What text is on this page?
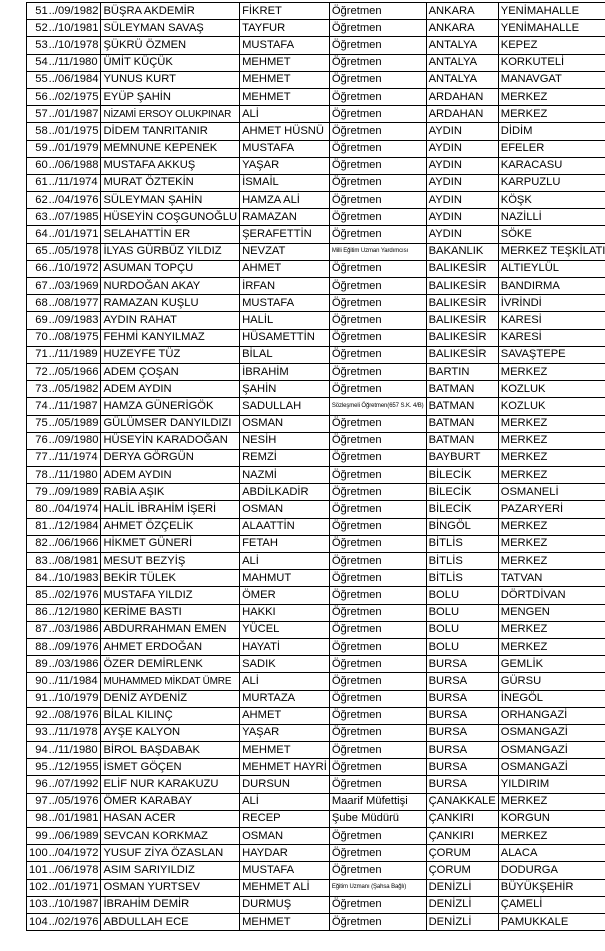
51	../09/1982	BÜŞRA AKDEMİR	FİKRET	Öğretmen	ANKARA	YENİMAHALLE
52	../10/1981	SÜLEYMAN SAVAŞ	TAYFUR	Öğretmen	ANKARA	YENİMAHALLE
53	../10/1978	ŞÜKRÜ ÖZMEN	MUSTAFA	Öğretmen	ANTALYA	KEPEZ
54	../11/1980	ÜMİT KÜÇÜK	MEHMET	Öğretmen	ANTALYA	KORKUTELİ
55	../06/1984	YUNUS KURT	MEHMET	Öğretmen	ANTALYA	MANAVGAT
56	../02/1975	EYÜP ŞAHİN	MEHMET	Öğretmen	ARDAHAN	MERKEZ
57	../01/1987	NİZAMİ ERSOY OLUKPINAR	ALİ	Öğretmen	ARDAHAN	MERKEZ
58	../01/1975	DİDEM TANRITANIR	AHMET HÜSNÜ	Öğretmen	AYDIN	DİDİM
59	../01/1979	MEMNUNE KEPENEK	MUSTAFA	Öğretmen	AYDIN	EFELER
60	../06/1988	MUSTAFA AKKUŞ	YAŞAR	Öğretmen	AYDIN	KARACASU
61	../11/1974	MURAT ÖZTEKİN	İSMAİL	Öğretmen	AYDIN	KARPUZLU
62	../04/1976	SÜLEYMAN ŞAHİN	HAMZA ALİ	Öğretmen	AYDIN	KÖŞK
63	../07/1985	HÜSEYİN COŞGUNOĞLU	RAMAZAN	Öğretmen	AYDIN	NAZİLLİ
64	../01/1971	SELAHATTİN ER	ŞERAFETTİN	Öğretmen	AYDIN	SÖKE
65	../05/1978	İLYAS GÜRBÜZ YILDIZ	NEVZAT	Milli Eğitim Uzman Yardımcısı	BAKANLIK	MERKEZ TEŞKİLATI
66	../10/1972	ASUMAN TOPÇU	AHMET	Öğretmen	BALIKESİR	ALTIEYLÜL
67	../03/1969	NURDOĞAN AKAY	İRFAN	Öğretmen	BALIKESİR	BANDIRMA
68	../08/1977	RAMAZAN KUŞLU	MUSTAFA	Öğretmen	BALIKESİR	İVRİNDİ
69	../09/1983	AYDIN RAHAT	HALİL	Öğretmen	BALIKESİR	KARESİ
70	../08/1975	FEHMİ KANYILMAZ	HÜSAMETTİN	Öğretmen	BALIKESİR	KARESİ
71	../11/1989	HUZEYFE TÜZ	BİLAL	Öğretmen	BALIKESİR	SAVAŞTEPE
72	../05/1966	ADEM ÇOŞAN	İBRAHİM	Öğretmen	BARTIN	MERKEZ
73	../05/1982	ADEM AYDIN	ŞAHİN	Öğretmen	BATMAN	KOZLUK
74	../11/1987	HAMZA GÜNERİGÖK	SADULLAH	Sözleşmeli Öğretmen(657 S.K. 4/B)	BATMAN	KOZLUK
75	../05/1989	GÜLÜMSER DANYILDIZI	OSMAN	Öğretmen	BATMAN	MERKEZ
76	../09/1980	HÜSEYİN KARADOĞAN	NESİH	Öğretmen	BATMAN	MERKEZ
77	../11/1974	DERYA GÖRGÜN	REMZİ	Öğretmen	BAYBURT	MERKEZ
78	../11/1980	ADEM AYDIN	NAZMİ	Öğretmen	BİLECİK	MERKEZ
79	../09/1989	RABİA AŞIK	ABDİLKADİR	Öğretmen	BİLECİK	OSMANELİ
80	../04/1974	HALİL İBRAHİM İŞERİ	OSMAN	Öğretmen	BİLECİK	PAZARYERİ
81	../12/1984	AHMET ÖZÇELİK	ALAATTİN	Öğretmen	BİNGÖL	MERKEZ
82	../06/1966	HİKMET GÜNERİ	FETAH	Öğretmen	BİTLİS	MERKEZ
83	../08/1981	MESUT BEZYİŞ	ALİ	Öğretmen	BİTLİS	MERKEZ
84	../10/1983	BEKİR TÜLEK	MAHMUT	Öğretmen	BİTLİS	TATVAN
85	../02/1976	MUSTAFA YILDIZ	ÖMER	Öğretmen	BOLU	DÖRTDİVAN
86	../12/1980	KERİME BASTI	HAKKI	Öğretmen	BOLU	MENGEN
87	../03/1986	ABDURRAHMAN EMEN	YÜCEL	Öğretmen	BOLU	MERKEZ
88	../09/1976	AHMET ERDOĞAN	HAYATİ	Öğretmen	BOLU	MERKEZ
89	../03/1986	ÖZER DEMİRLENK	SADIK	Öğretmen	BURSA	GEMLİK
90	../11/1984	MUHAMMED MİKDAT ÜMRE	ALİ	Öğretmen	BURSA	GÜRSU
91	../10/1979	DENİZ AYDENİZ	MURTAZA	Öğretmen	BURSA	İNEGÖL
92	../08/1976	BİLAL KILINÇ	AHMET	Öğretmen	BURSA	ORHANGAZİ
93	../11/1978	AYŞE KALYON	YAŞAR	Öğretmen	BURSA	OSMANGAZİ
94	../11/1980	BİROL BAŞDABAK	MEHMET	Öğretmen	BURSA	OSMANGAZİ
95	../12/1955	İSMET GÖÇEN	MEHMET HAYRİ	Öğretmen	BURSA	OSMANGAZİ
96	../07/1992	ELİF NUR KARAKUZU	DURSUN	Öğretmen	BURSA	YILDIRIM
97	../05/1976	ÖMER KARABAY	ALİ	Maarif Müfettişi	ÇANAKKALE	MERKEZ
98	../01/1981	HASAN ACER	RECEP	Şube Müdürü	ÇANKIRI	KORGUN
99	../06/1989	SEVCAN KORKMAZ	OSMAN	Öğretmen	ÇANKIRI	MERKEZ
100	../04/1972	YUSUF ZİYA ÖZASLAN	HAYDAR	Öğretmen	ÇORUM	ALACA
101	../06/1978	ASIM SARIYILDIZ	MUSTAFA	Öğretmen	ÇORUM	DODURGA
102	../01/1971	OSMAN YURTSEV	MEHMET ALİ	Eğitim Uzmanı (Şahsa Bağlı)	DENİZLİ	BÜYÜKŞEHİR
103	../10/1987	İBRAHİM DEMİR	DURMUŞ	Öğretmen	DENİZLİ	ÇAMELİ
104	../02/1976	ABDULLAH ECE	MEHMET	Öğretmen	DENİZLİ	PAMUKKALE
